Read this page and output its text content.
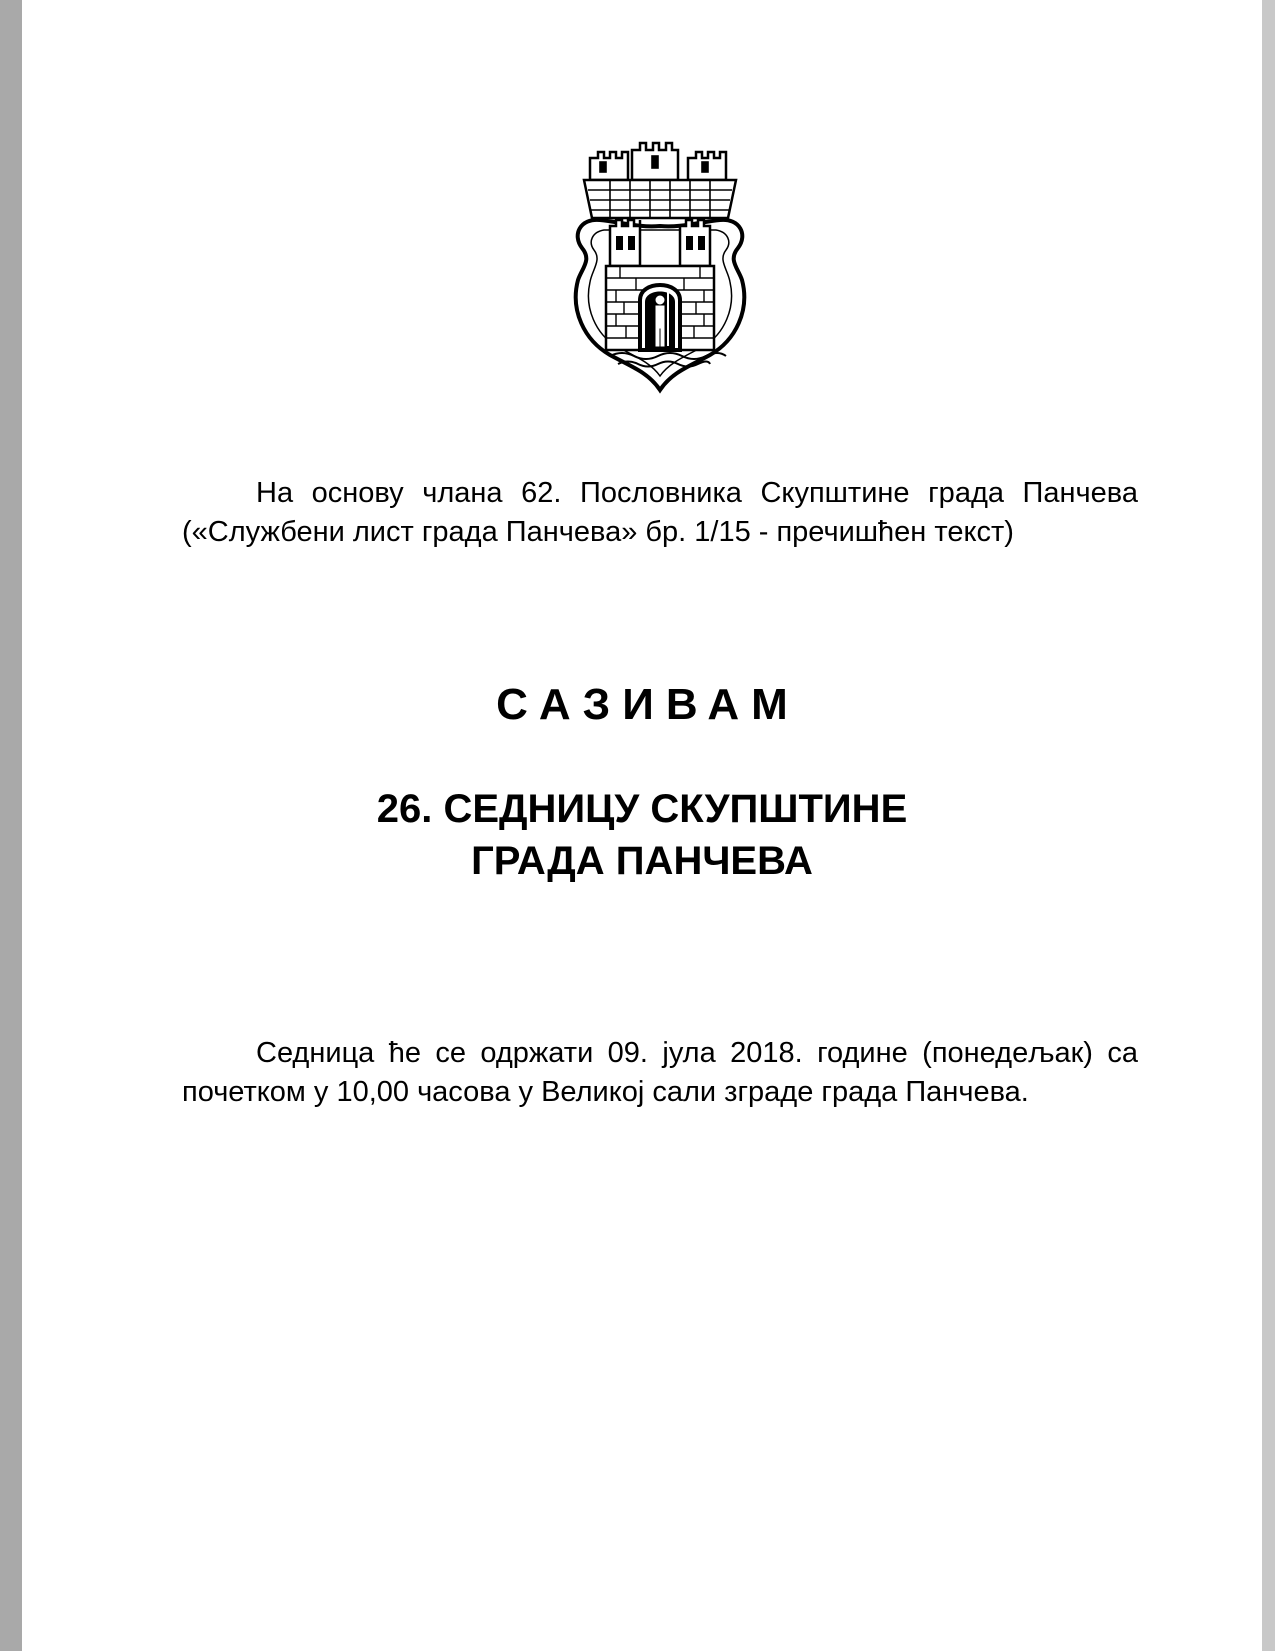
На основу члана 62. Пословника Скупштине града Панчева («Службени лист града Панчева» бр. 1/15 - пречишћен текст)
САЗИВАМ
26. СЕДНИЦУ СКУПШТИНЕ
ГРАДА ПАНЧЕВА
Седница ће се одржати 09. јула 2018. године (понедељак) са почетком у 10,00 часова у Великој сали зграде града Панчева.
